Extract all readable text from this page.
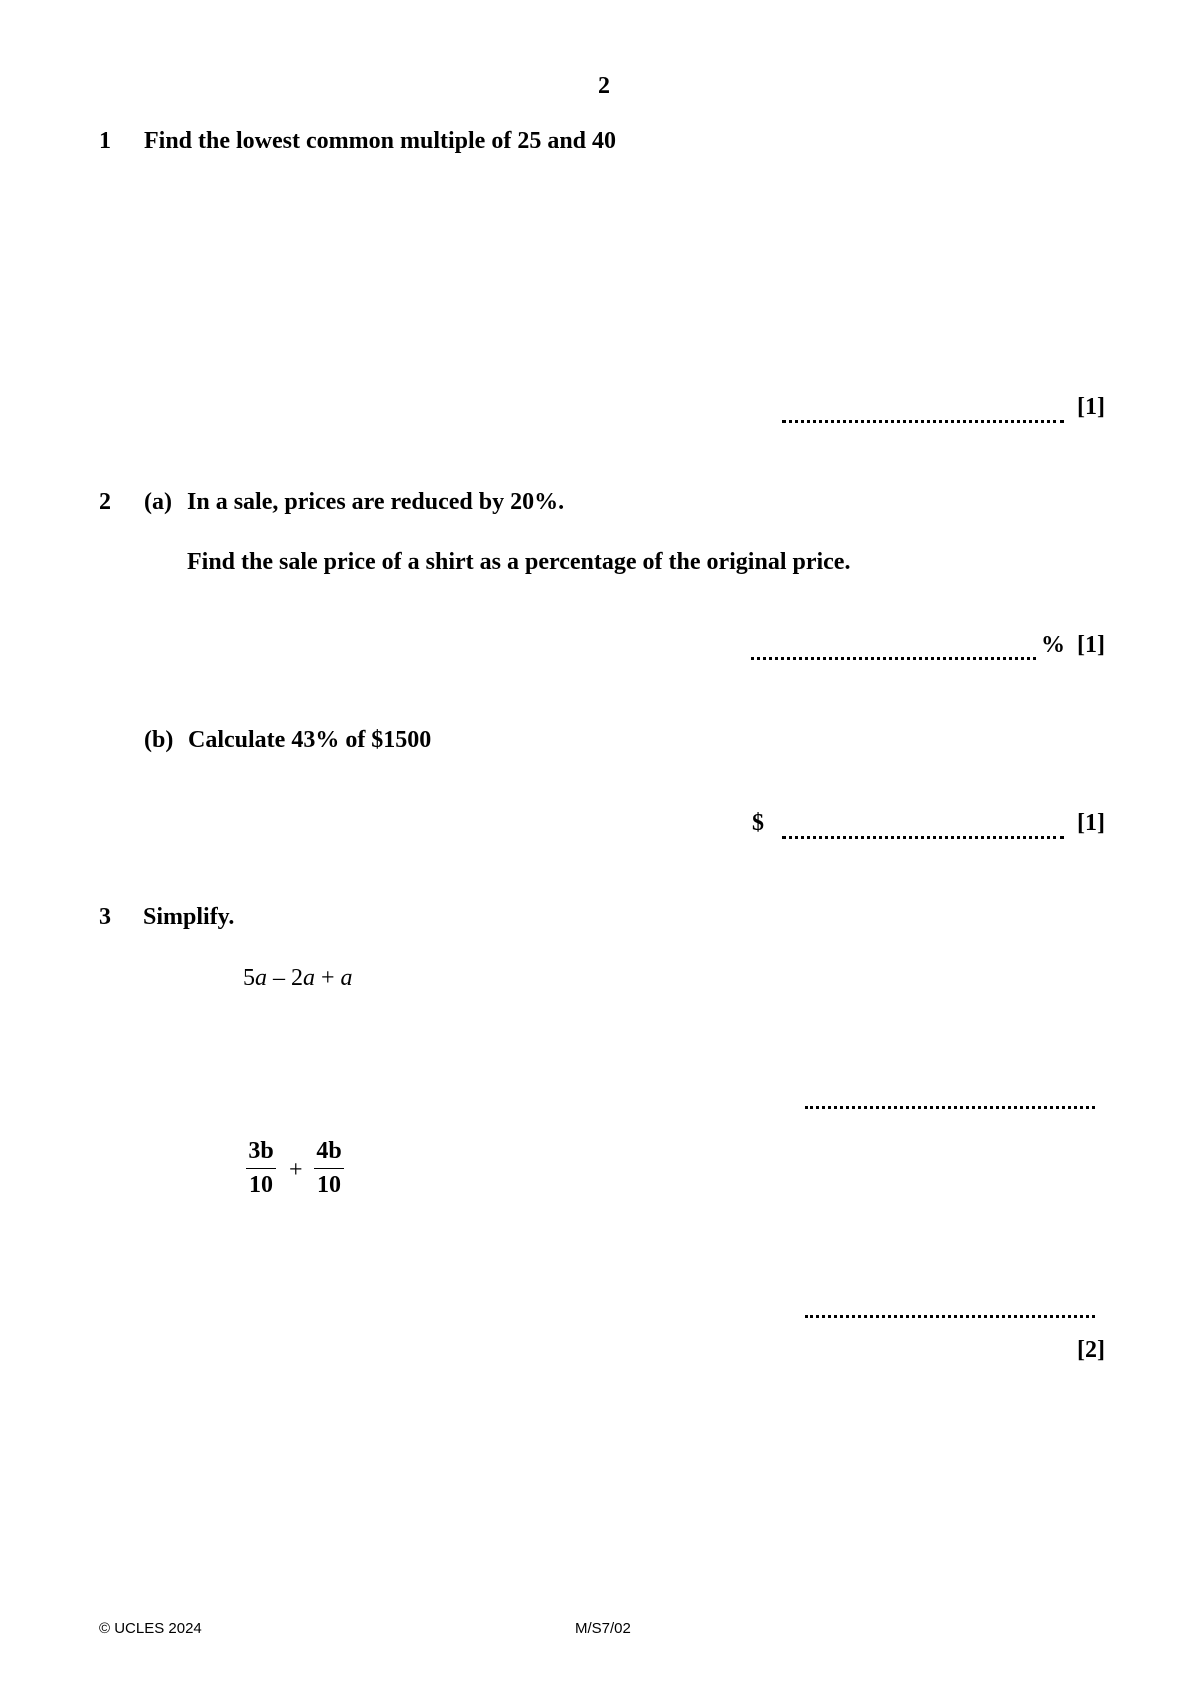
2
1 Find the lowest common multiple of 25 and 40
[1]
2 (a) In a sale, prices are reduced by 20%.
Find the sale price of a shirt as a percentage of the original price.
% [1]
(b) Calculate 43% of $1500
$	[1]
3 Simplify.
5a – 2a + a
3b
10
+
4b
10
[2]
© UCLES 2024	M/S7/02
